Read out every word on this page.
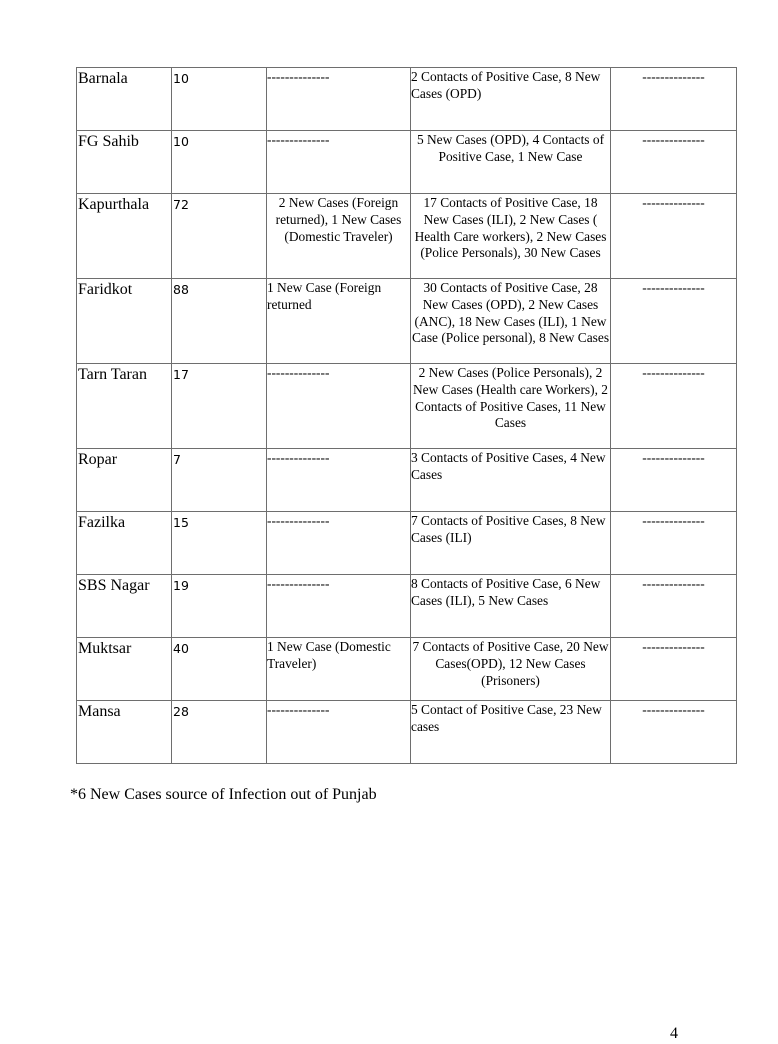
Barnala	10	--------------	2 Contacts of Positive Case, 8 New Cases (OPD)	--------------
FG Sahib	10	--------------	5 New Cases (OPD), 4 Contacts of Positive Case, 1 New Case	--------------
Kapurthala	72	2 New Cases (Foreign returned), 1 New Cases (Domestic Traveler)	17 Contacts of Positive Case, 18 New Cases (ILI), 2 New Cases ( Health Care workers), 2 New Cases (Police Personals), 30 New Cases	--------------
Faridkot	88	1 New Case (Foreign returned	30 Contacts of Positive Case, 28 New Cases (OPD), 2 New Cases (ANC), 18 New Cases (ILI), 1 New Case (Police personal), 8 New Cases	--------------
Tarn Taran	17	--------------	2 New Cases (Police Personals), 2 New Cases (Health care Workers), 2 Contacts of Positive Cases, 11 New Cases	--------------
Ropar	7	--------------	3 Contacts of Positive Cases, 4 New Cases	--------------
Fazilka	15	--------------	7 Contacts of Positive Cases, 8 New Cases (ILI)	--------------
SBS Nagar	19	--------------	8 Contacts of Positive Case, 6 New Cases (ILI), 5 New Cases	--------------
Muktsar	40	1 New Case (Domestic Traveler)	7 Contacts of Positive Case, 20 New Cases(OPD), 12 New Cases (Prisoners)	--------------
Mansa	28	--------------	5 Contact of Positive Case, 23 New cases	--------------
*6 New Cases source of Infection out of Punjab
4
